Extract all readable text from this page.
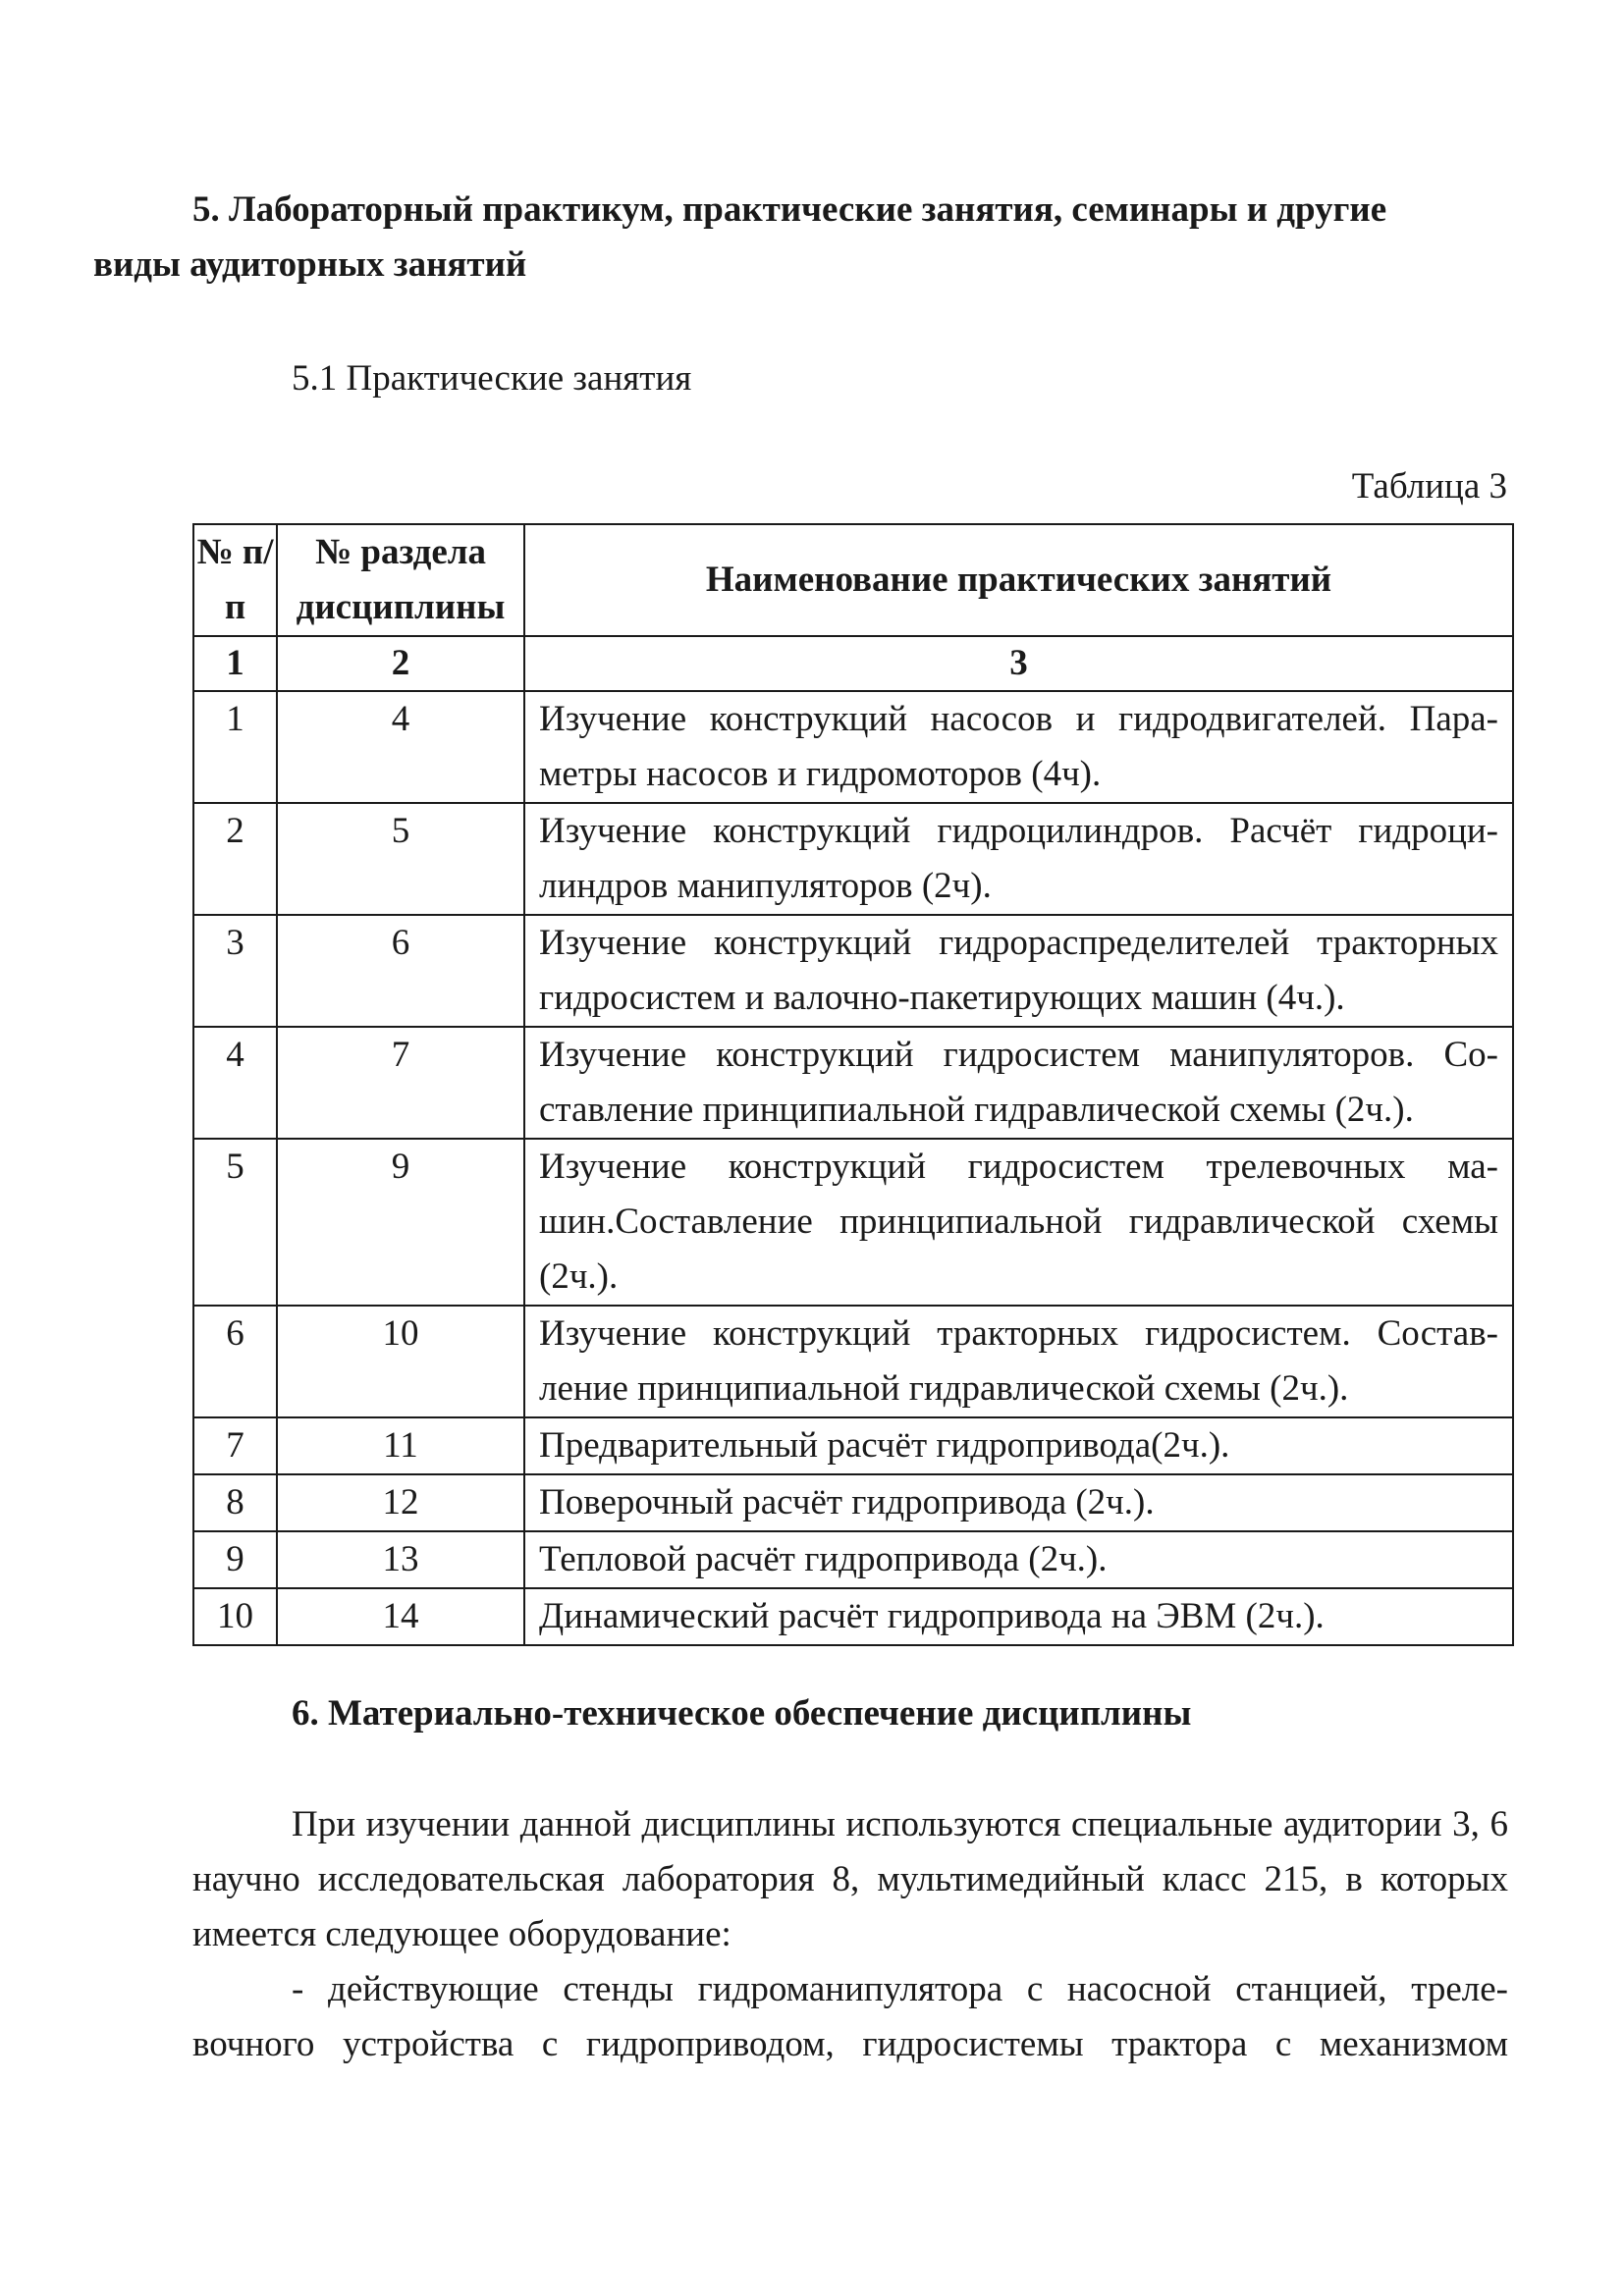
5. Лабораторный практикум, практические занятия, семинары и другие виды аудиторных занятий

5.1 Практические занятия

Таблица 3

№ п/п	№ раздела дисциплины	Наименование практических занятий
1	2	3
1	4	Изучение конструкций насосов и гидродвигателей. Параметры насосов и гидромоторов (4ч).
2	5	Изучение конструкций гидроцилиндров. Расчёт гидроцилиндров манипуляторов (2ч).
3	6	Изучение конструкций гидрораспределителей тракторных гидросистем и валочно-пакетирующих машин (4ч.).
4	7	Изучение конструкций гидросистем манипуляторов. Составление принципиальной гидравлической схемы (2ч.).
5	9	Изучение конструкций гидросистем трелевочных машин.Составление принципиальной гидравлической схемы (2ч.).
6	10	Изучение конструкций тракторных гидросистем. Составление принципиальной гидравлической схемы (2ч.).
7	11	Предварительный расчёт гидропривода(2ч.).
8	12	Поверочный расчёт гидропривода (2ч.).
9	13	Тепловой расчёт гидропривода (2ч.).
10	14	Динамический расчёт гидропривода на ЭВМ (2ч.).

6. Материально-техническое обеспечение дисциплины

При изучении данной дисциплины используются специальные аудитории 3, 6 научно исследовательская лаборатория 8, мультимедийный класс 215, в которых имеется следующее оборудование:

- действующие стенды гидроманипулятора с насосной станцией, трелевочного устройства с гидроприводом, гидросистемы трактора с механизмом
